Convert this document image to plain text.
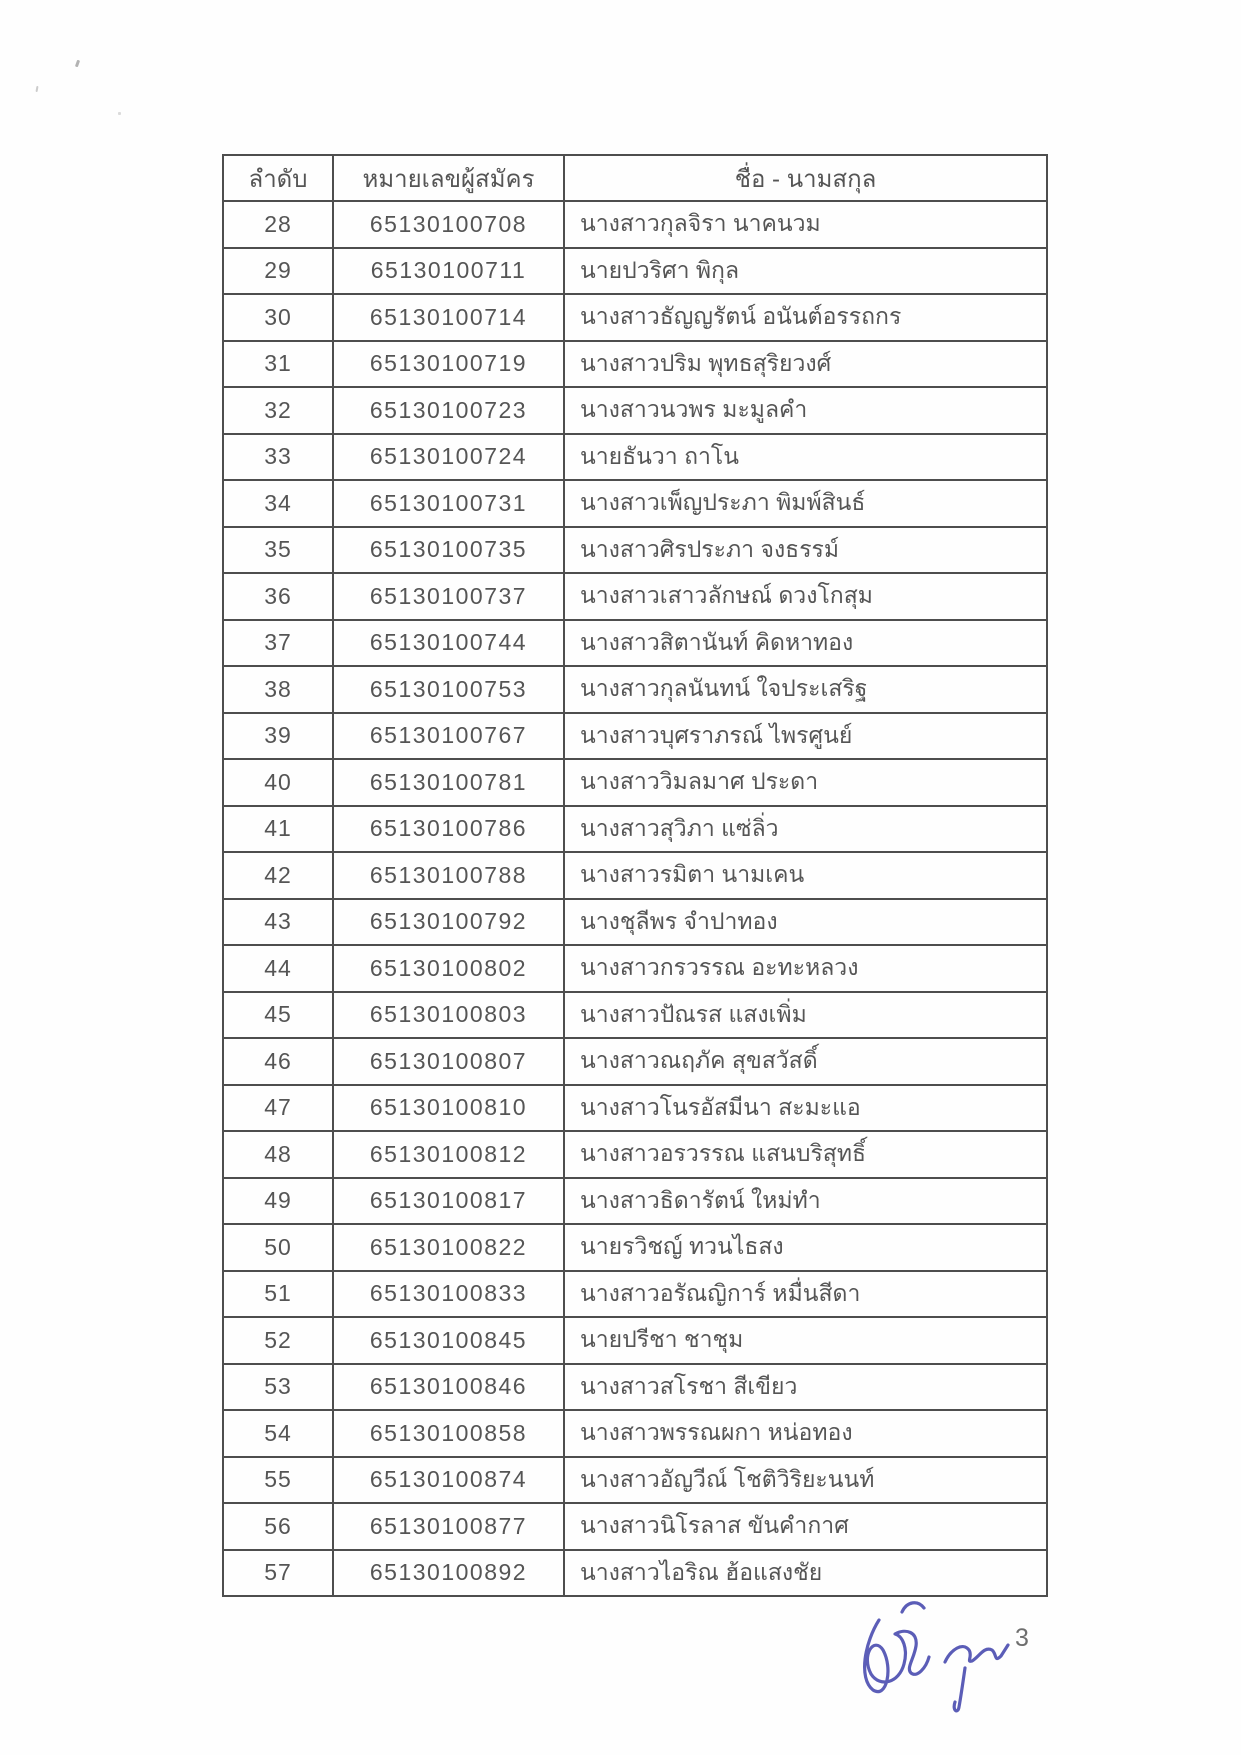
ลำดับ	หมายเลขผู้สมัคร	ชื่อ - นามสกุล
28	65130100708	นางสาวกุลจิรา นาคนวม
29	65130100711	นายปวริศา พิกุล
30	65130100714	นางสาวธัญญรัตน์ อนันต์อรรถกร
31	65130100719	นางสาวปริม พุทธสุริยวงศ์
32	65130100723	นางสาวนวพร มะมูลคำ
33	65130100724	นายธันวา ถาโน
34	65130100731	นางสาวเพ็ญประภา พิมพ์สินธ์
35	65130100735	นางสาวศิรประภา จงธรรม์
36	65130100737	นางสาวเสาวลักษณ์ ดวงโกสุม
37	65130100744	นางสาวสิตานันท์ คิดหาทอง
38	65130100753	นางสาวกุลนันทน์ ใจประเสริฐ
39	65130100767	นางสาวบุศราภรณ์ ไพรศูนย์
40	65130100781	นางสาววิมลมาศ ประดา
41	65130100786	นางสาวสุวิภา แซ่ลิ่ว
42	65130100788	นางสาวรมิตา นามเคน
43	65130100792	นางชุลีพร จำปาทอง
44	65130100802	นางสาวกรวรรณ อะทะหลวง
45	65130100803	นางสาวปัณรส แสงเพิ่ม
46	65130100807	นางสาวณฤภัค สุขสวัสดิ์
47	65130100810	นางสาวโนรอัสมีนา สะมะแอ
48	65130100812	นางสาวอรวรรณ แสนบริสุทธิ์
49	65130100817	นางสาวธิดารัตน์ ใหม่ทำ
50	65130100822	นายรวิชญ์ ทวนไธสง
51	65130100833	นางสาวอรัณญิการ์ หมื่นสีดา
52	65130100845	นายปรีชา ชาชุม
53	65130100846	นางสาวสโรชา สีเขียว
54	65130100858	นางสาวพรรณผกา หน่อทอง
55	65130100874	นางสาวอัญวีณ์ โชติวิริยะนนท์
56	65130100877	นางสาวนิโรลาส ขันคำกาศ
57	65130100892	นางสาวไอริณ ฮ้อแสงชัย
3
